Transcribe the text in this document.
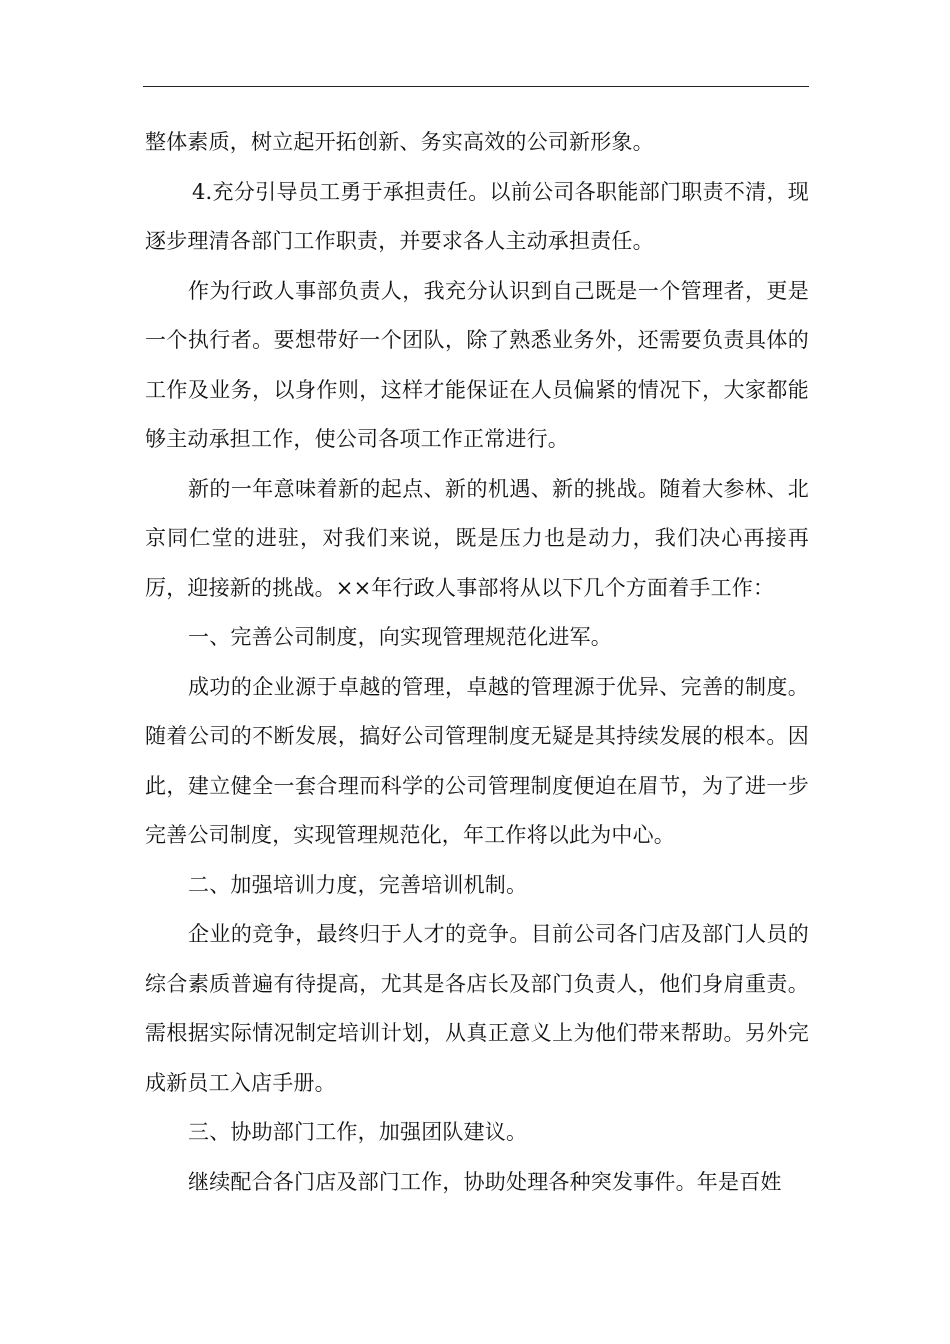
整体素质，树立起开拓创新、务实高效的公司新形象。

4.充分引导员工勇于承担责任。以前公司各职能部门职责不清，现逐步理清各部门工作职责，并要求各人主动承担责任。

作为行政人事部负责人，我充分认识到自己既是一个管理者，更是一个执行者。要想带好一个团队，除了熟悉业务外，还需要负责具体的工作及业务，以身作则，这样才能保证在人员偏紧的情况下，大家都能够主动承担工作，使公司各项工作正常进行。

新的一年意味着新的起点、新的机遇、新的挑战。随着大参林、北京同仁堂的进驻，对我们来说，既是压力也是动力，我们决心再接再厉，迎接新的挑战。××年行政人事部将从以下几个方面着手工作：

一、完善公司制度，向实现管理规范化进军。

成功的企业源于卓越的管理，卓越的管理源于优异、完善的制度。随着公司的不断发展，搞好公司管理制度无疑是其持续发展的根本。因此，建立健全一套合理而科学的公司管理制度便迫在眉节，为了进一步完善公司制度，实现管理规范化，年工作将以此为中心。

二、加强培训力度，完善培训机制。

企业的竞争，最终归于人才的竞争。目前公司各门店及部门人员的综合素质普遍有待提高，尤其是各店长及部门负责人，他们身肩重责。需根据实际情况制定培训计划，从真正意义上为他们带来帮助。另外完成新员工入店手册。

三、协助部门工作，加强团队建议。

继续配合各门店及部门工作，协助处理各种突发事件。年是百姓
